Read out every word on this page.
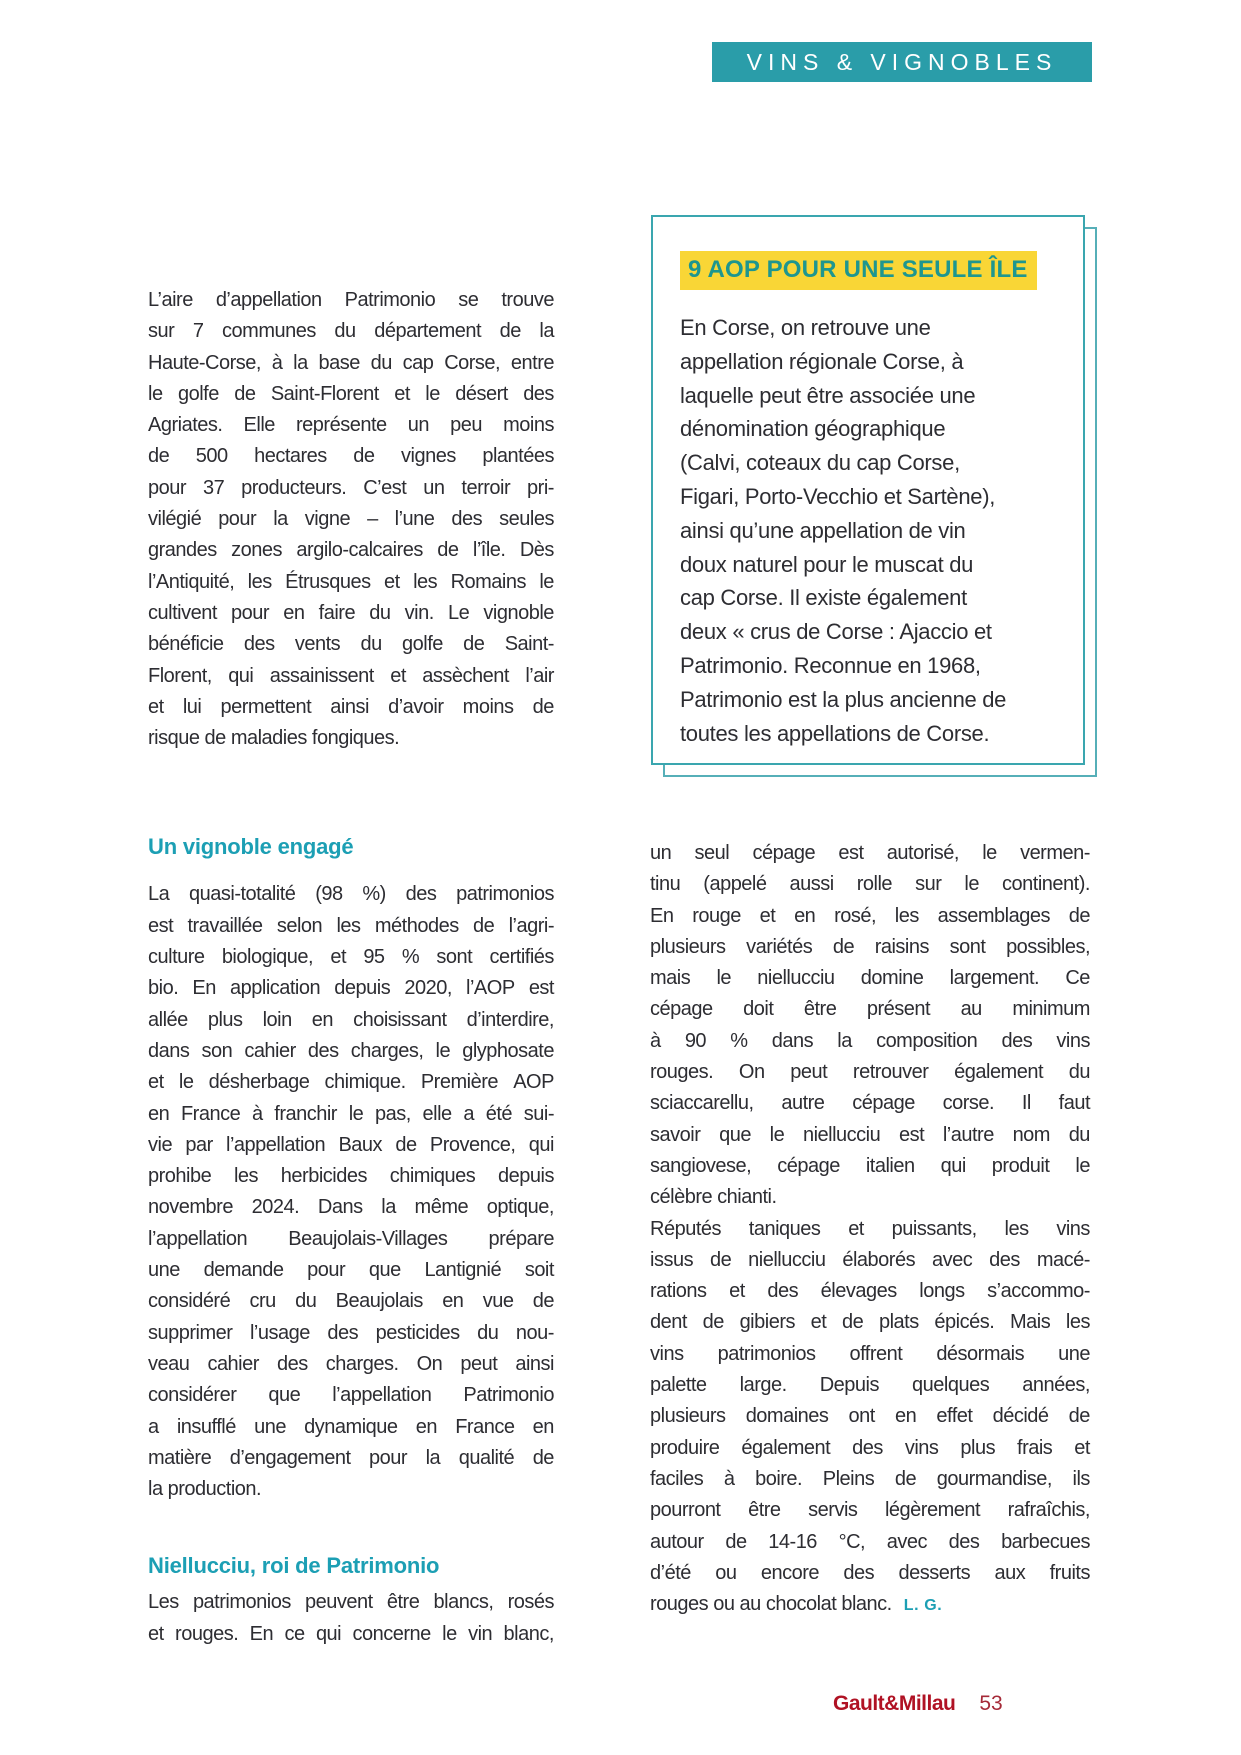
VINS & VIGNOBLES
9 AOP POUR UNE SEULE ÎLE
En Corse, on retrouve une
appellation régionale Corse, à
laquelle peut être associée une
dénomination géographique
(Calvi, coteaux du cap Corse,
Figari, Porto-Vecchio et Sartène),
ainsi qu’une appellation de vin
doux naturel pour le muscat du
cap Corse. Il existe également
deux « crus de Corse : Ajaccio et
Patrimonio. Reconnue en 1968,
Patrimonio est la plus ancienne de
toutes les appellations de Corse.
L’aire d’appellation Patrimonio se trouve
sur 7 communes du département de la
Haute-Corse, à la base du cap Corse, entre
le golfe de Saint-Florent et le désert des
Agriates. Elle représente un peu moins
de 500 hectares de vignes plantées
pour 37 producteurs. C’est un terroir pri-
vilégié pour la vigne – l’une des seules
grandes zones argilo-calcaires de l’île. Dès
l’Antiquité, les Étrusques et les Romains le
cultivent pour en faire du vin. Le vignoble
bénéficie des vents du golfe de Saint-
Florent, qui assainissent et assèchent l’air
et lui permettent ainsi d’avoir moins de
risque de maladies fongiques.
Un vignoble engagé
La quasi-totalité (98 %) des patrimonios
est travaillée selon les méthodes de l’agri-
culture biologique, et 95 % sont certifiés
bio. En application depuis 2020, l’AOP est
allée plus loin en choisissant d’interdire,
dans son cahier des charges, le glyphosate
et le désherbage chimique. Première AOP
en France à franchir le pas, elle a été sui-
vie par l’appellation Baux de Provence, qui
prohibe les herbicides chimiques depuis
novembre 2024. Dans la même optique,
l’appellation Beaujolais-Villages prépare
une demande pour que Lantignié soit
considéré cru du Beaujolais en vue de
supprimer l’usage des pesticides du nou-
veau cahier des charges. On peut ainsi
considérer que l’appellation Patrimonio
a insufflé une dynamique en France en
matière d’engagement pour la qualité de
la production.
Niellucciu, roi de Patrimonio
Les patrimonios peuvent être blancs, rosés
et rouges. En ce qui concerne le vin blanc,
un seul cépage est autorisé, le vermen-
tinu (appelé aussi rolle sur le continent).
En rouge et en rosé, les assemblages de
plusieurs variétés de raisins sont possibles,
mais le niellucciu domine largement. Ce
cépage doit être présent au minimum
à 90 % dans la composition des vins
rouges. On peut retrouver également du
sciaccarellu, autre cépage corse. Il faut
savoir que le niellucciu est l’autre nom du
sangiovese, cépage italien qui produit le
célèbre chianti.
Réputés taniques et puissants, les vins
issus de niellucciu élaborés avec des macé-
rations et des élevages longs s’accommo-
dent de gibiers et de plats épicés. Mais les
vins patrimonios offrent désormais une
palette large. Depuis quelques années,
plusieurs domaines ont en effet décidé de
produire également des vins plus frais et
faciles à boire. Pleins de gourmandise, ils
pourront être servis légèrement rafraîchis,
autour de 14-16 °C, avec des barbecues
d’été ou encore des desserts aux fruits
rouges ou au chocolat blanc. L. G.
Gault&Millau 53
